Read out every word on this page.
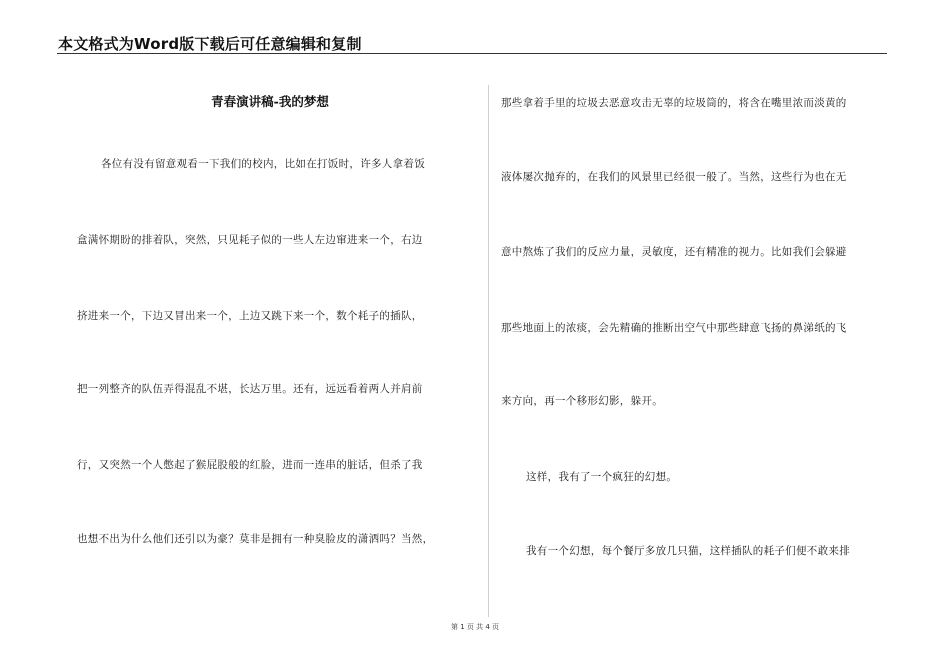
本文格式为Word版下载后可任意编辑和复制
青春演讲稿-我的梦想
各位有没有留意观看一下我们的校内，比如在打饭时，许多人拿着饭
盒满怀期盼的排着队，突然，只见耗子似的一些人左边窜进来一个，右边
挤进来一个，下边又冒出来一个，上边又跳下来一个，数个耗子的插队，
把一列整齐的队伍弄得混乱不堪，长达万里。还有，远远看着两人并肩前
行，又突然一个人憋起了猴屁股般的红脸，进而一连串的脏话，但杀了我
也想不出为什么他们还引以为豪？莫非是拥有一种臭脸皮的潇洒吗？当然，
那些拿着手里的垃圾去恶意攻击无辜的垃圾筒的，将含在嘴里浓而淡黄的
液体屡次抛弃的，在我们的风景里已经很一般了。当然，这些行为也在无
意中熬炼了我们的反应力量，灵敏度，还有精准的视力。比如我们会躲避
那些地面上的浓痰，会先精确的推断出空气中那些肆意飞扬的鼻涕纸的飞
来方向，再一个移形幻影，躲开。
这样，我有了一个疯狂的幻想。
我有一个幻想，每个餐厅多放几只猫，这样插队的耗子们便不敢来排
第 1 页 共 4 页
